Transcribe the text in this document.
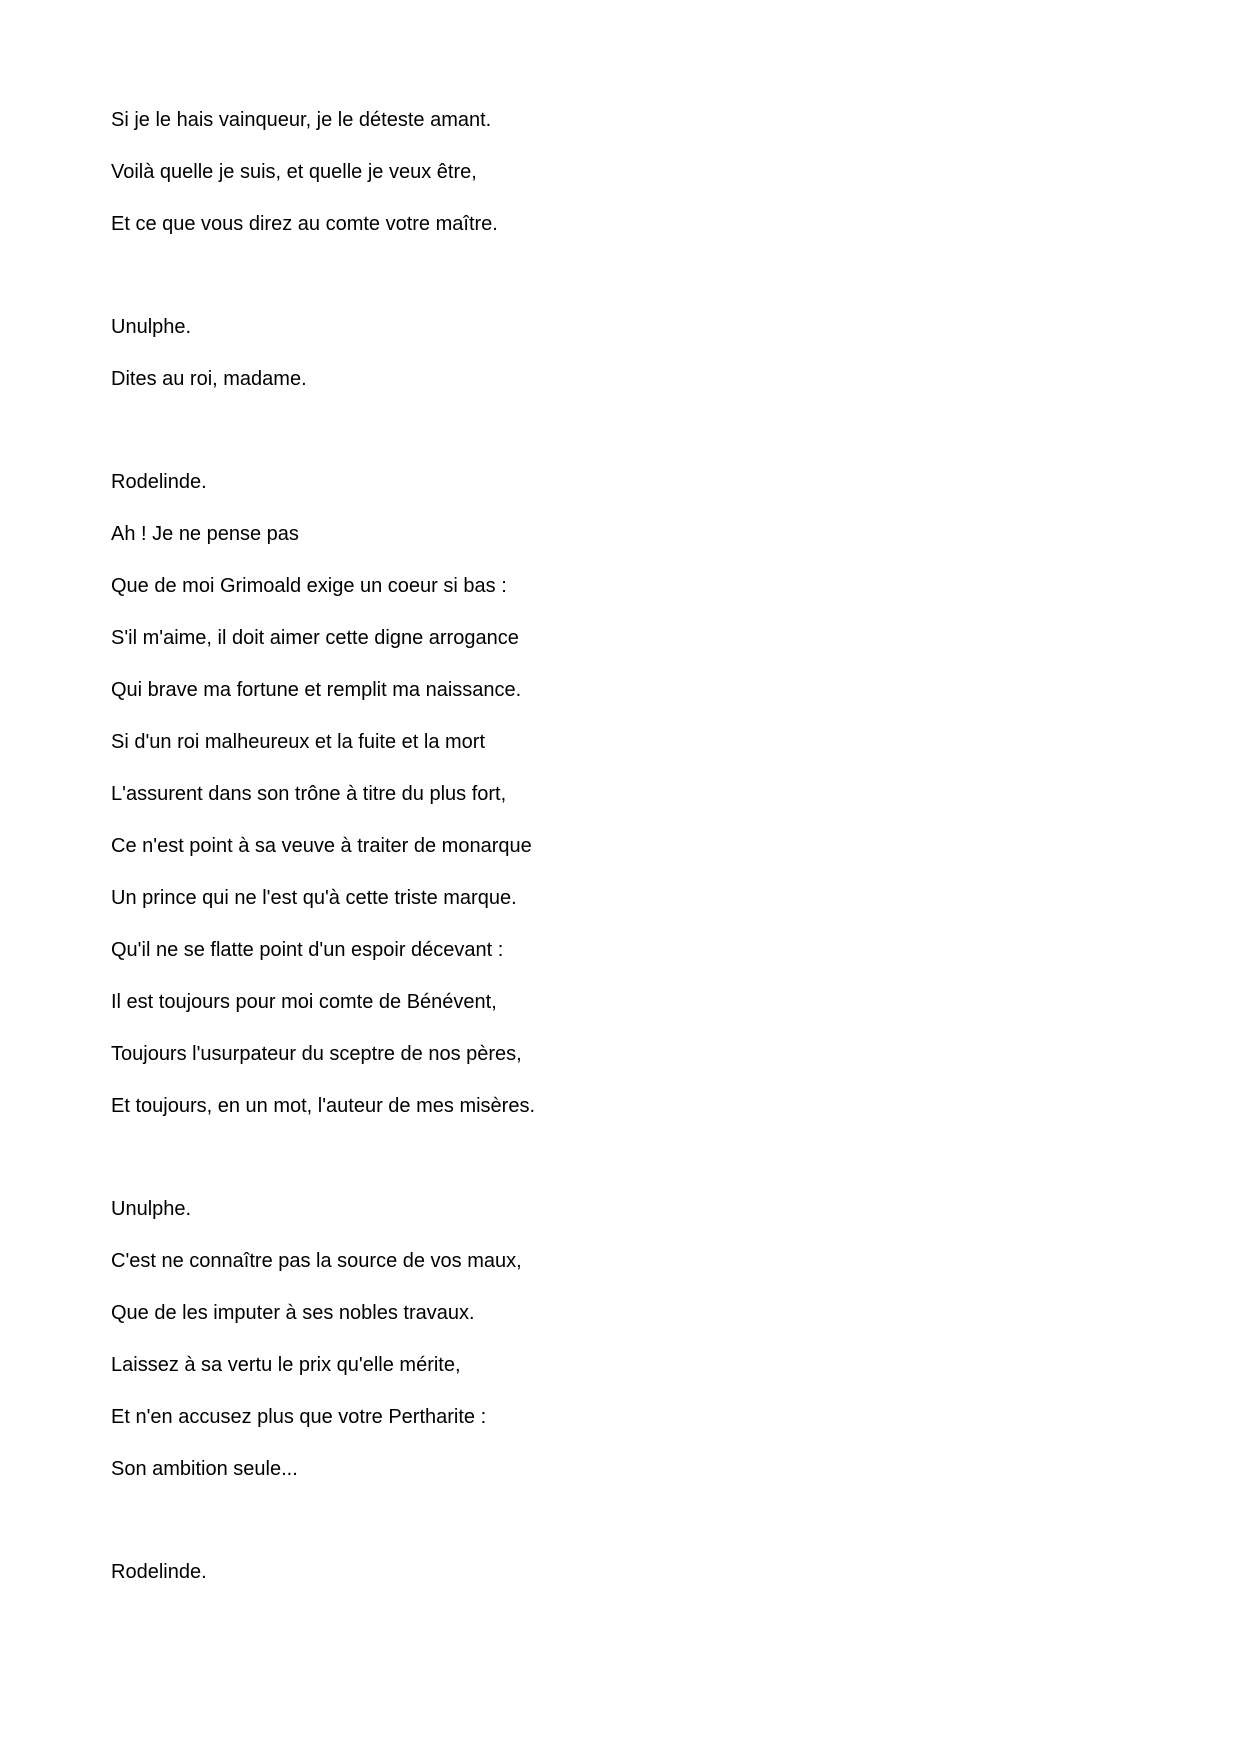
Si je le hais vainqueur, je le déteste amant.
Voilà quelle je suis, et quelle je veux être,
Et ce que vous direz au comte votre maître.
Unulphe.
Dites au roi, madame.
Rodelinde.
Ah ! Je ne pense pas
Que de moi Grimoald exige un coeur si bas :
S'il m'aime, il doit aimer cette digne arrogance
Qui brave ma fortune et remplit ma naissance.
Si d'un roi malheureux et la fuite et la mort
L'assurent dans son trône à titre du plus fort,
Ce n'est point à sa veuve à traiter de monarque
Un prince qui ne l'est qu'à cette triste marque.
Qu'il ne se flatte point d'un espoir décevant :
Il est toujours pour moi comte de Bénévent,
Toujours l'usurpateur du sceptre de nos pères,
Et toujours, en un mot, l'auteur de mes misères.
Unulphe.
C'est ne connaître pas la source de vos maux,
Que de les imputer à ses nobles travaux.
Laissez à sa vertu le prix qu'elle mérite,
Et n'en accusez plus que votre Pertharite :
Son ambition seule...
Rodelinde.
